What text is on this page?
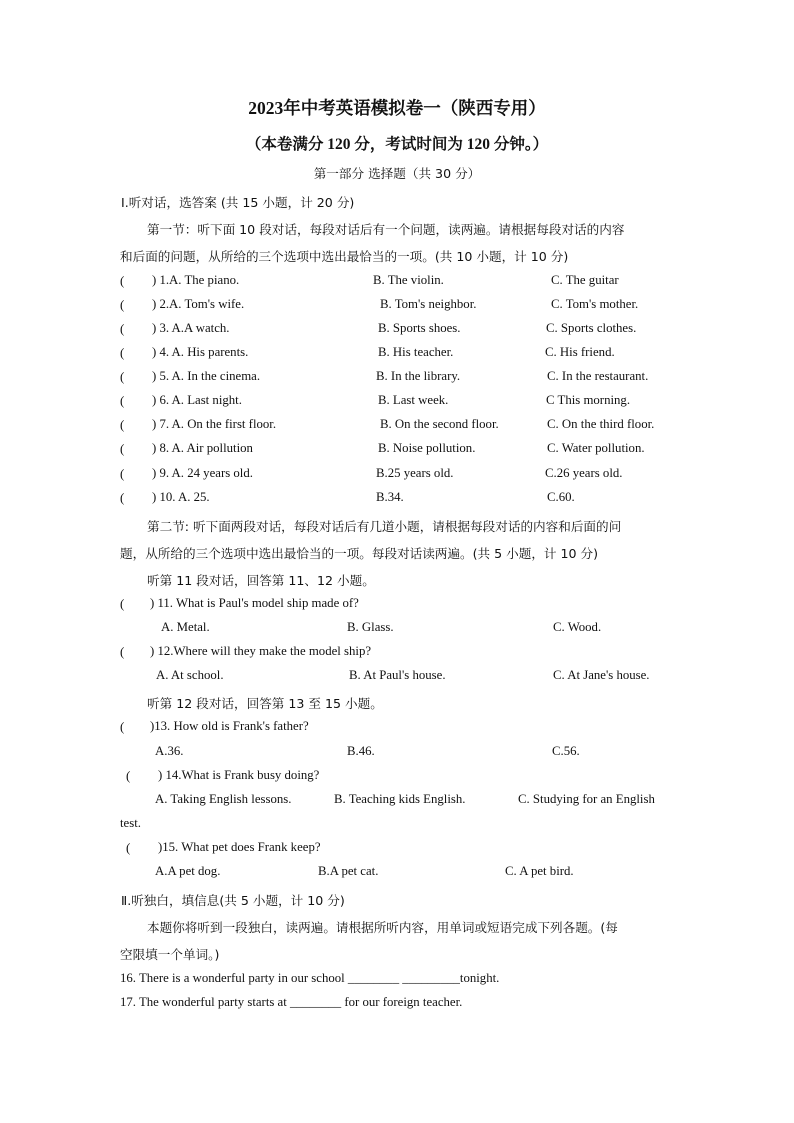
2023年中考英语模拟卷一（陕西专用）
（本卷满分 120 分，考试时间为 120 分钟。）
第一部分 选择题（共 30 分）
Ⅰ.听对话，选答案 (共 15 小题，计 20 分)
第一节：听下面 10 段对话，每段对话后有一个问题，读两遍。请根据每段对话的内容
和后面的问题，从所给的三个选项中选出最恰当的一项。(共 10 小题，计 10 分)
( ) 1.A. The piano.	B. The violin.	C. The guitar
( ) 2.A. Tom's wife.	B. Tom's neighbor.	C. Tom's mother.
( ) 3. A.A watch.	B. Sports shoes.	C. Sports clothes.
( ) 4. A. His parents.	B. His teacher.	C. His friend.
( ) 5. A. In the cinema.	B. In the library.	C. In the restaurant.
( ) 6. A. Last night.	B. Last week.	C This morning.
( ) 7. A. On the first floor.	B. On the second floor.	C. On the third floor.
( ) 8. A. Air pollution	B. Noise pollution.	C. Water pollution.
( ) 9. A. 24 years old.	B.25 years old.	C.26 years old.
( ) 10. A. 25.	B.34.	C.60.
第二节: 听下面两段对话，每段对话后有几道小题，请根据每段对话的内容和后面的问
题，从所给的三个选项中选出最恰当的一项。每段对话读两遍。(共 5 小题，计 10 分)
听第 11 段对话，回答第 11、12 小题。
( ) 11. What is Paul's model ship made of?
A. Metal.	B. Glass.	C. Wood.
( ) 12.Where will they make the model ship?
A. At school.	B. At Paul's house.	C. At Jane's house.
听第 12 段对话，回答第 13 至 15 小题。
( )13. How old is Frank's father?
A.36.	B.46.	C.56.
( ) 14.What is Frank busy doing?
A. Taking English lessons.	B. Teaching kids English.	C. Studying for an English
test.
( )15. What pet does Frank keep?
A.A pet dog.	B.A pet cat.	C. A pet bird.
Ⅱ.听独白，填信息(共 5 小题，计 10 分)
本题你将听到一段独白，读两遍。请根据所听内容，用单词或短语完成下列各题。(每
空限填一个单词。)
16. There is a wonderful party in our school ________ _________tonight.
17. The wonderful party starts at ________ for our foreign teacher.
